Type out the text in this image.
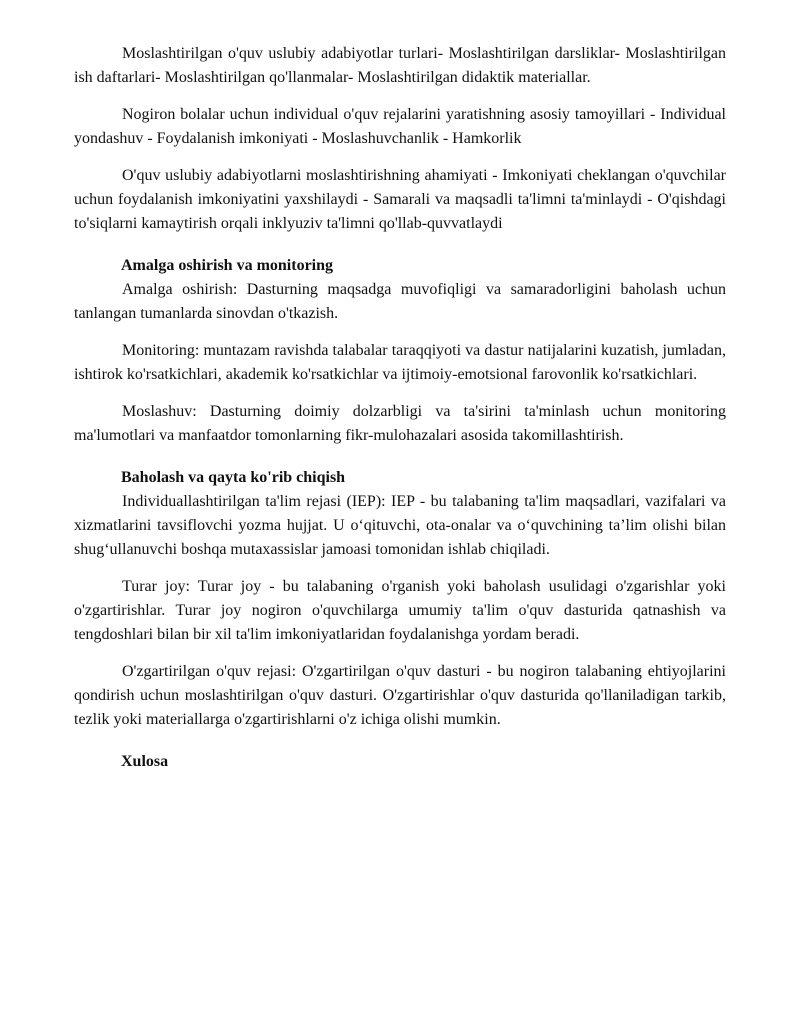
Moslashtirilgan o'quv uslubiy adabiyotlar turlari- Moslashtirilgan darsliklar- Moslashtirilgan ish daftarlari- Moslashtirilgan qo'llanmalar- Moslashtirilgan didaktik materiallar.

Nogiron bolalar uchun individual o'quv rejalarini yaratishning asosiy tamoyillari - Individual yondashuv - Foydalanish imkoniyati - Moslashuvchanlik - Hamkorlik

O'quv uslubiy adabiyotlarni moslashtirishning ahamiyati - Imkoniyati cheklangan o'quvchilar uchun foydalanish imkoniyatini yaxshilaydi - Samarali va maqsadli ta'limni ta'minlaydi - O'qishdagi to'siqlarni kamaytirish orqali inklyuziv ta'limni qo'llab-quvvatlaydi

Amalga oshirish va monitoring

Amalga oshirish: Dasturning maqsadga muvofiqligi va samaradorligini baholash uchun tanlangan tumanlarda sinovdan o'tkazish.

Monitoring: muntazam ravishda talabalar taraqqiyoti va dastur natijalarini kuzatish, jumladan, ishtirok ko'rsatkichlari, akademik ko'rsatkichlar va ijtimoiy-emotsional farovonlik ko'rsatkichlari.

Moslashuv: Dasturning doimiy dolzarbligi va ta'sirini ta'minlash uchun monitoring ma'lumotlari va manfaatdor tomonlarning fikr-mulohazalari asosida takomillashtirish.

Baholash va qayta ko'rib chiqish

Individuallashtirilgan ta'lim rejasi (IEP): IEP - bu talabaning ta'lim maqsadlari, vazifalari va xizmatlarini tavsiflovchi yozma hujjat. U o‘qituvchi, ota-onalar va o‘quvchining ta’lim olishi bilan shug‘ullanuvchi boshqa mutaxassislar jamoasi tomonidan ishlab chiqiladi.

Turar joy: Turar joy - bu talabaning o'rganish yoki baholash usulidagi o'zgarishlar yoki o'zgartirishlar. Turar joy nogiron o'quvchilarga umumiy ta'lim o'quv dasturida qatnashish va tengdoshlari bilan bir xil ta'lim imkoniyatlaridan foydalanishga yordam beradi.

O'zgartirilgan o'quv rejasi: O'zgartirilgan o'quv dasturi - bu nogiron talabaning ehtiyojlarini qondirish uchun moslashtirilgan o'quv dasturi. O'zgartirishlar o'quv dasturida qo'llaniladigan tarkib, tezlik yoki materiallarga o'zgartirishlarni o'z ichiga olishi mumkin.

Xulosa
